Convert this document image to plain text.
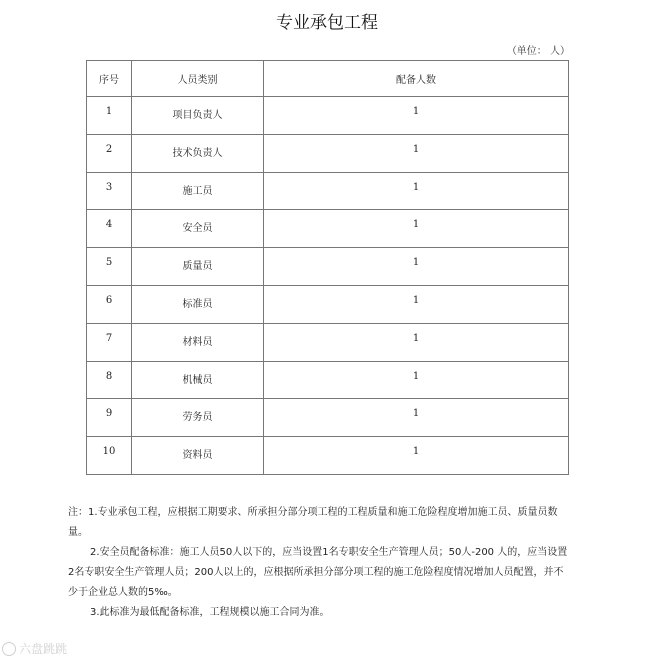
专业承包工程
（单位： 人）
序号	人员类别	配备人数
1	项目负责人	1
2	技术负责人	1
3	施工员	1
4	安全员	1
5	质量员	1
6	标准员	1
7	材料员	1
8	机械员	1
9	劳务员	1
10	资料员	1

注：1.专业承包工程，应根据工期要求、所承担分部分项工程的工程质量和施工危险程度增加施工员、质量员数量。

2.安全员配备标准：施工人员50人以下的，应当设置1名专职安全生产管理人员；50人-200 人的，应当设置2名专职安全生产管理人员；200人以上的，应根据所承担分部分项工程的施工危险程度情况增加人员配置，并不少于企业总人数的5‰。

3.此标准为最低配备标准，工程规模以施工合同为准。

六盘跳跳
